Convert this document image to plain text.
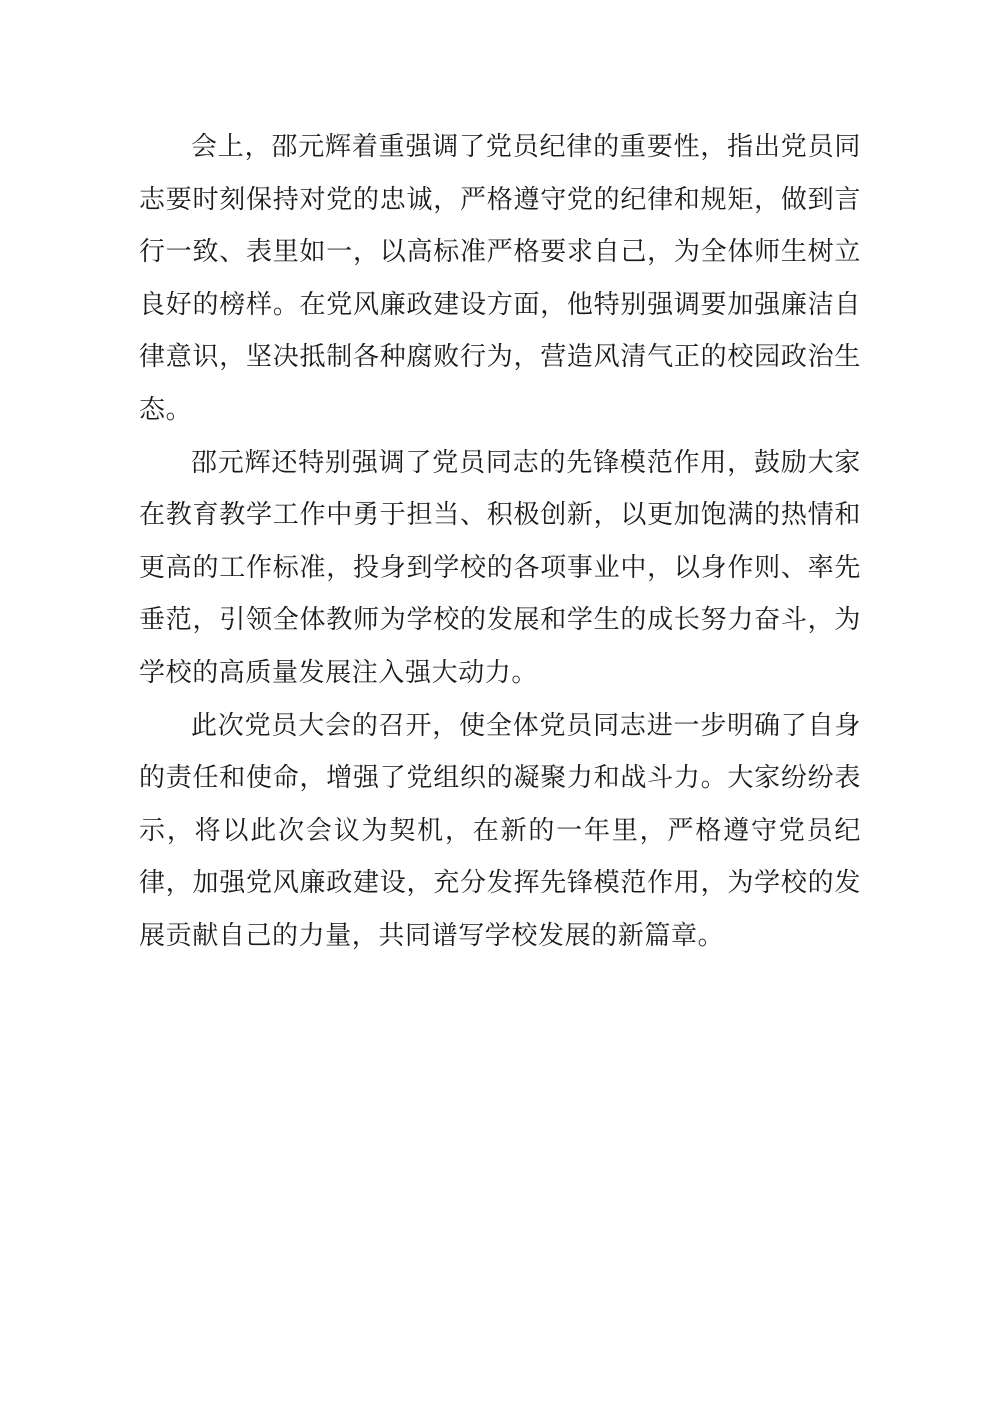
会上，邵元辉着重强调了党员纪律的重要性，指出党员同志要时刻保持对党的忠诚，严格遵守党的纪律和规矩，做到言行一致、表里如一，以高标准严格要求自己，为全体师生树立良好的榜样。在党风廉政建设方面，他特别强调要加强廉洁自律意识，坚决抵制各种腐败行为，营造风清气正的校园政治生态。

邵元辉还特别强调了党员同志的先锋模范作用，鼓励大家在教育教学工作中勇于担当、积极创新，以更加饱满的热情和更高的工作标准，投身到学校的各项事业中，以身作则、率先垂范，引领全体教师为学校的发展和学生的成长努力奋斗，为学校的高质量发展注入强大动力。

此次党员大会的召开，使全体党员同志进一步明确了自身的责任和使命，增强了党组织的凝聚力和战斗力。大家纷纷表示，将以此次会议为契机，在新的一年里，严格遵守党员纪律，加强党风廉政建设，充分发挥先锋模范作用，为学校的发展贡献自己的力量，共同谱写学校发展的新篇章。
